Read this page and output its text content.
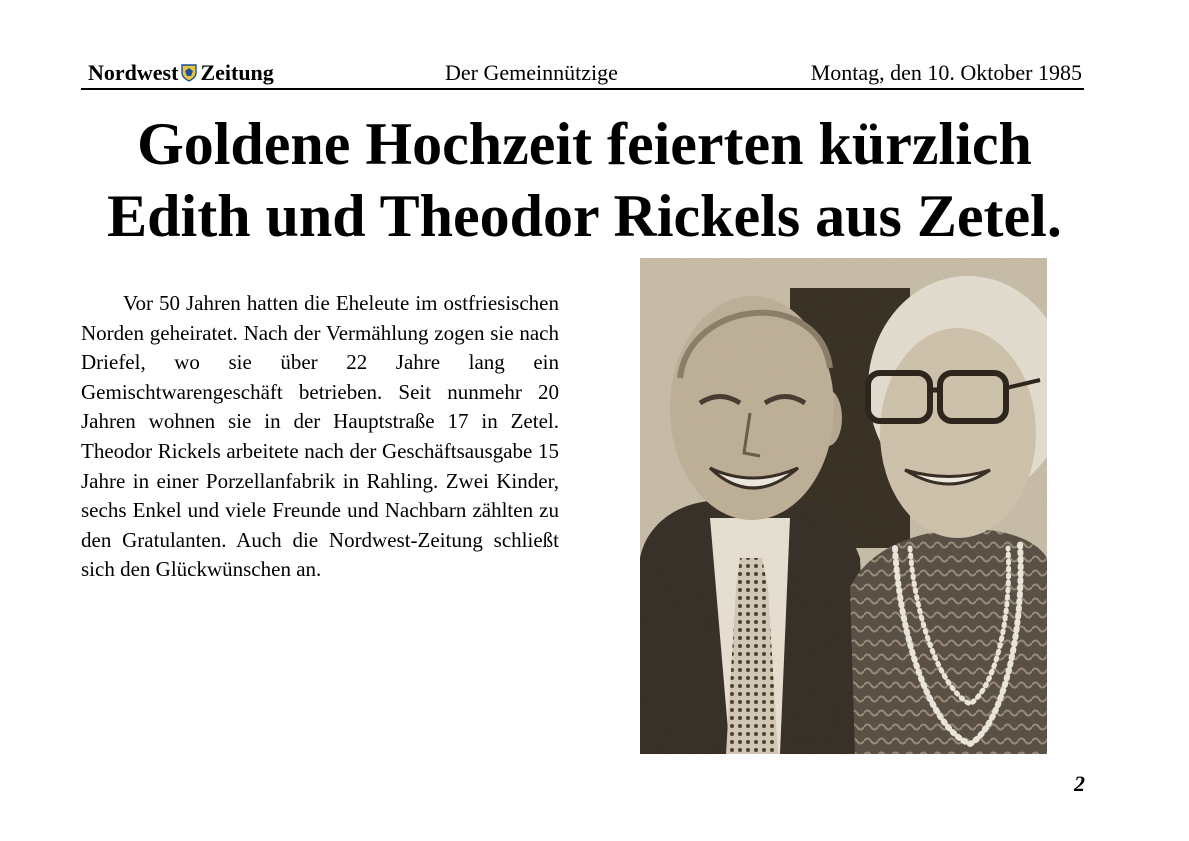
Nordwest Zeitung	Der Gemeinnützige	Montag, den 10. Oktober 1985
Goldene Hochzeit feierten kürzlich
Edith und Theodor Rickels aus Zetel.

Vor 50 Jahren hatten die Eheleute im ostfriesischen Norden geheiratet. Nach der Vermählung zogen sie nach Driefel, wo sie über 22 Jahre lang ein Gemischtwarengeschäft betrieben. Seit nunmehr 20 Jahren wohnen sie in der Hauptstraße 17 in Zetel. Theodor Rickels arbeitete nach der Geschäftsausgabe 15 Jahre in einer Porzellanfabrik in Rahling. Zwei Kinder, sechs Enkel und viele Freunde und Nachbarn zählten zu den Gratulanten. Auch die Nordwest-Zeitung schließt sich den Glückwünschen an.

2
